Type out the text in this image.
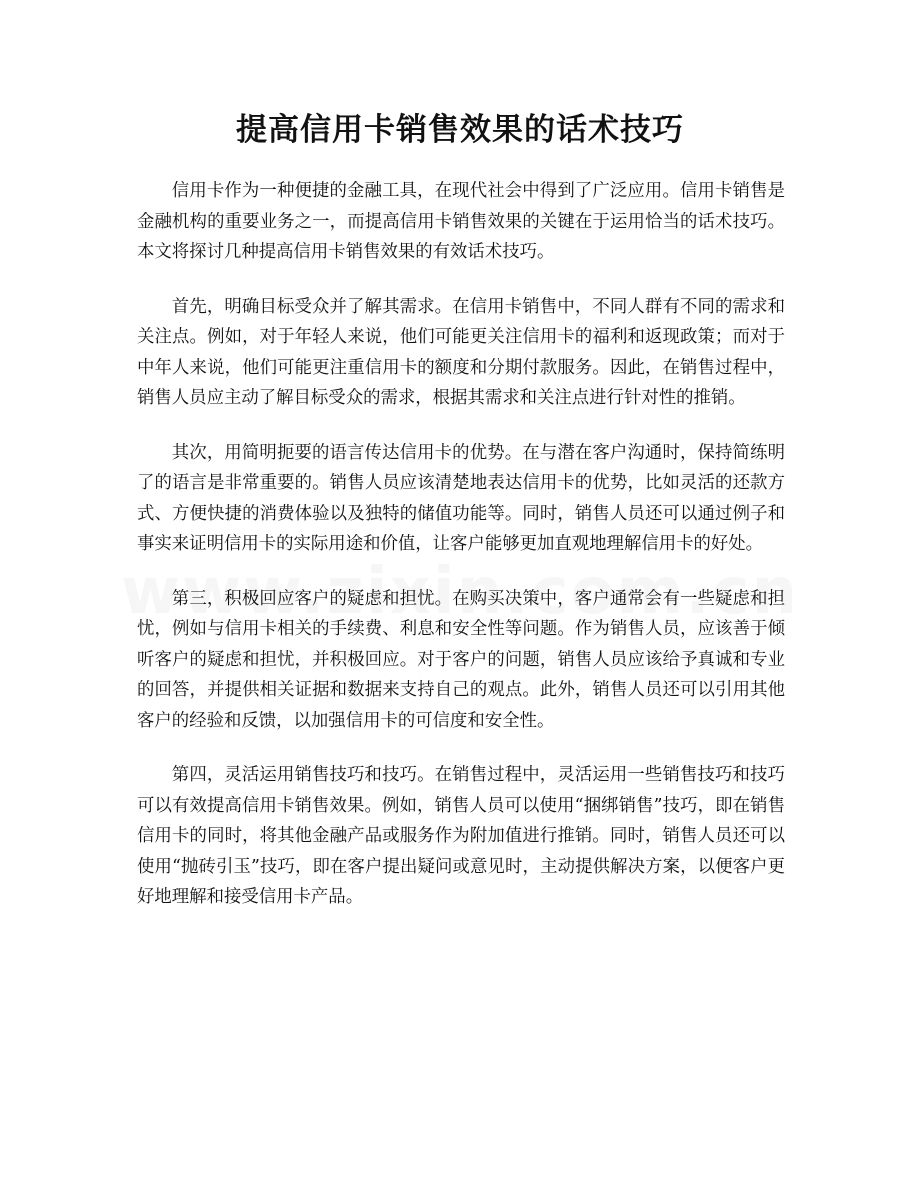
提高信用卡销售效果的话术技巧

信用卡作为一种便捷的金融工具，在现代社会中得到了广泛应用。信用卡销售是金融机构的重要业务之一，而提高信用卡销售效果的关键在于运用恰当的话术技巧。本文将探讨几种提高信用卡销售效果的有效话术技巧。

首先，明确目标受众并了解其需求。在信用卡销售中，不同人群有不同的需求和关注点。例如，对于年轻人来说，他们可能更关注信用卡的福利和返现政策；而对于中年人来说，他们可能更注重信用卡的额度和分期付款服务。因此，在销售过程中，销售人员应主动了解目标受众的需求，根据其需求和关注点进行针对性的推销。

其次，用简明扼要的语言传达信用卡的优势。在与潜在客户沟通时，保持简练明了的语言是非常重要的。销售人员应该清楚地表达信用卡的优势，比如灵活的还款方式、方便快捷的消费体验以及独特的储值功能等。同时，销售人员还可以通过例子和事实来证明信用卡的实际用途和价值，让客户能够更加直观地理解信用卡的好处。

第三，积极回应客户的疑虑和担忧。在购买决策中，客户通常会有一些疑虑和担忧，例如与信用卡相关的手续费、利息和安全性等问题。作为销售人员，应该善于倾听客户的疑虑和担忧，并积极回应。对于客户的问题，销售人员应该给予真诚和专业的回答，并提供相关证据和数据来支持自己的观点。此外，销售人员还可以引用其他客户的经验和反馈，以加强信用卡的可信度和安全性。

第四，灵活运用销售技巧和技巧。在销售过程中，灵活运用一些销售技巧和技巧可以有效提高信用卡销售效果。例如，销售人员可以使用“捆绑销售”技巧，即在销售信用卡的同时，将其他金融产品或服务作为附加值进行推销。同时，销售人员还可以使用“抛砖引玉”技巧，即在客户提出疑问或意见时，主动提供解决方案，以便客户更好地理解和接受信用卡产品。
